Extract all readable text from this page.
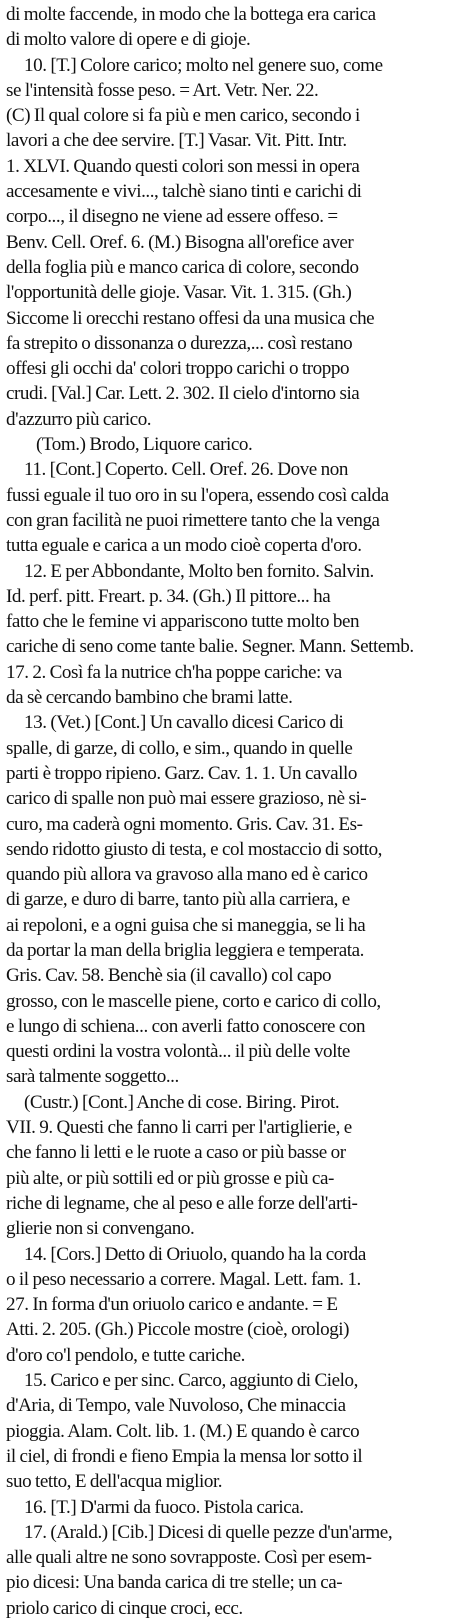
di molte faccende, in modo che la bottega era carica
di molto valore di opere e di gioje.
10. [T.] Colore carico; molto nel genere suo, come
se l'intensità fosse peso. = Art. Vetr. Ner. 22.
(C) Il qual colore si fa più e men carico, secondo i
lavori a che dee servire. [T.] Vasar. Vit. Pitt. Intr.
1. XLVI. Quando questi colori son messi in opera
accesamente e vivi..., talchè siano tinti e carichi di
corpo..., il disegno ne viene ad essere offeso. =
Benv. Cell. Oref. 6. (M.) Bisogna all'orefice aver
della foglia più e manco carica di colore, secondo
l'opportunità delle gioje. Vasar. Vit. 1. 315. (Gh.)
Siccome li orecchi restano offesi da una musica che
fa strepito o dissonanza o durezza,... così restano
offesi gli occhi da' colori troppo carichi o troppo
crudi. [Val.] Car. Lett. 2. 302. Il cielo d'intorno sia
d'azzurro più carico.
(Tom.) Brodo, Liquore carico.
11. [Cont.] Coperto. Cell. Oref. 26. Dove non
fussi eguale il tuo oro in su l'opera, essendo così calda
con gran facilità ne puoi rimettere tanto che la venga
tutta eguale e carica a un modo cioè coperta d'oro.
12. E per Abbondante, Molto ben fornito. Salvin.
Id. perf. pitt. Freart. p. 34. (Gh.) Il pittore... ha
fatto che le femine vi appariscono tutte molto ben
cariche di seno come tante balie. Segner. Mann. Settemb.
17. 2. Così fa la nutrice ch'ha poppe cariche: va
da sè cercando bambino che brami latte.
13. (Vet.) [Cont.] Un cavallo dicesi Carico di
spalle, di garze, di collo, e sim., quando in quelle
parti è troppo ripieno. Garz. Cav. 1. 1. Un cavallo
carico di spalle non può mai essere grazioso, nè si-
curo, ma caderà ogni momento. Gris. Cav. 31. Es-
sendo ridotto giusto di testa, e col mostaccio di sotto,
quando più allora va gravoso alla mano ed è carico
di garze, e duro di barre, tanto più alla carriera, e
ai repoloni, e a ogni guisa che si maneggia, se li ha
da portar la man della briglia leggiera e temperata.
Gris. Cav. 58. Benchè sia (il cavallo) col capo
grosso, con le mascelle piene, corto e carico di collo,
e lungo di schiena... con averli fatto conoscere con
questi ordini la vostra volontà... il più delle volte
sarà talmente soggetto...
(Custr.) [Cont.] Anche di cose. Biring. Pirot.
VII. 9. Questi che fanno li carri per l'artiglierie, e
che fanno li letti e le ruote a caso or più basse or
più alte, or più sottili ed or più grosse e più ca-
riche di legname, che al peso e alle forze dell'arti-
glierie non si convengano.
14. [Cors.] Detto di Oriuolo, quando ha la corda
o il peso necessario a correre. Magal. Lett. fam. 1.
27. In forma d'un oriuolo carico e andante. = E
Atti. 2. 205. (Gh.) Piccole mostre (cioè, orologi)
d'oro co'l pendolo, e tutte cariche.
15. Carico e per sinc. Carco, aggiunto di Cielo,
d'Aria, di Tempo, vale Nuvoloso, Che minaccia
pioggia. Alam. Colt. lib. 1. (M.) E quando è carco
il ciel, di frondi e fieno Empia la mensa lor sotto il
suo tetto, E dell'acqua miglior.
16. [T.] D'armi da fuoco. Pistola carica.
17. (Arald.) [Cib.] Dicesi di quelle pezze d'un'arme,
alle quali altre ne sono sovrapposte. Così per esem-
pio dicesi: Una banda carica di tre stelle; un ca-
priolo carico di cinque croci, ecc.
